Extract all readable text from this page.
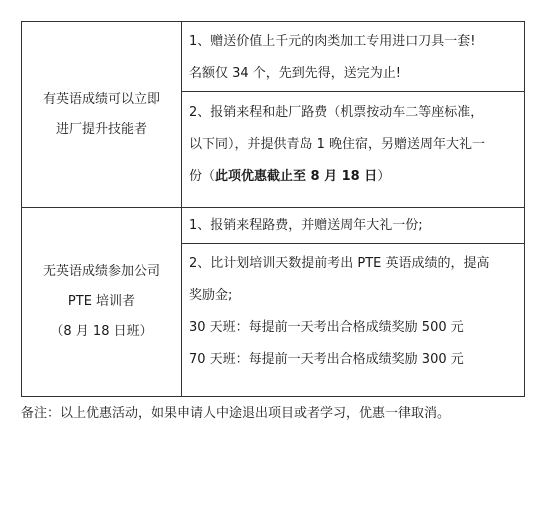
有英语成绩可以立即
进厂提升技能者
1、赠送价值上千元的肉类加工专用进口刀具一套!
名额仅 34 个，先到先得，送完为止!
2、报销来程和赴厂路费（机票按动车二等座标准，
以下同），并提供青岛 1 晚住宿，另赠送周年大礼一
份（此项优惠截止至 8 月 18 日）
无英语成绩参加公司
PTE 培训者
（8 月 18 日班）
1、报销来程路费，并赠送周年大礼一份;
2、比计划培训天数提前考出 PTE 英语成绩的，提高
奖励金;
30 天班：每提前一天考出合格成绩奖励 500 元
70 天班：每提前一天考出合格成绩奖励 300 元
备注：以上优惠活动，如果申请人中途退出项目或者学习，优惠一律取消。
